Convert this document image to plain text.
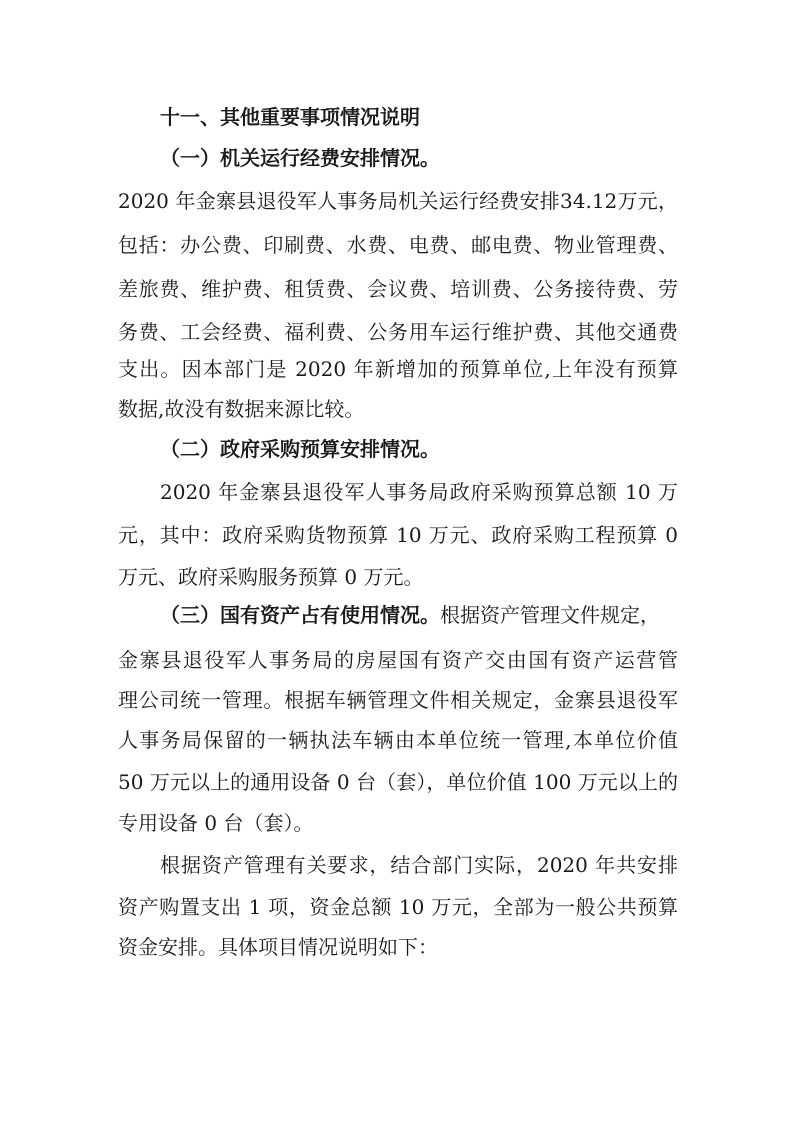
十一、其他重要事项情况说明
（一）机关运行经费安排情况。
2020 年金寨县退役军人事务局机关运行经费安排34.12万元，
包括：办公费、印刷费、水费、电费、邮电费、物业管理费、
差旅费、维护费、租赁费、会议费、培训费、公务接待费、劳
务费、工会经费、福利费、公务用车运行维护费、其他交通费
支出。因本部门是 2020 年新增加的预算单位,上年没有预算
数据,故没有数据来源比较。
（二）政府采购预算安排情况。
2020 年金寨县退役军人事务局政府采购预算总额 10 万
元，其中：政府采购货物预算 10 万元、政府采购工程预算 0
万元、政府采购服务预算 0 万元。
（三）国有资产占有使用情况。根据资产管理文件规定，
金寨县退役军人事务局的房屋国有资产交由国有资产运营管
理公司统一管理。根据车辆管理文件相关规定，金寨县退役军
人事务局保留的一辆执法车辆由本单位统一管理,本单位价值
50 万元以上的通用设备 0 台（套），单位价值 100 万元以上的
专用设备 0 台（套）。
根据资产管理有关要求，结合部门实际，2020 年共安排
资产购置支出 1 项，资金总额 10 万元，全部为一般公共预算
资金安排。具体项目情况说明如下：
